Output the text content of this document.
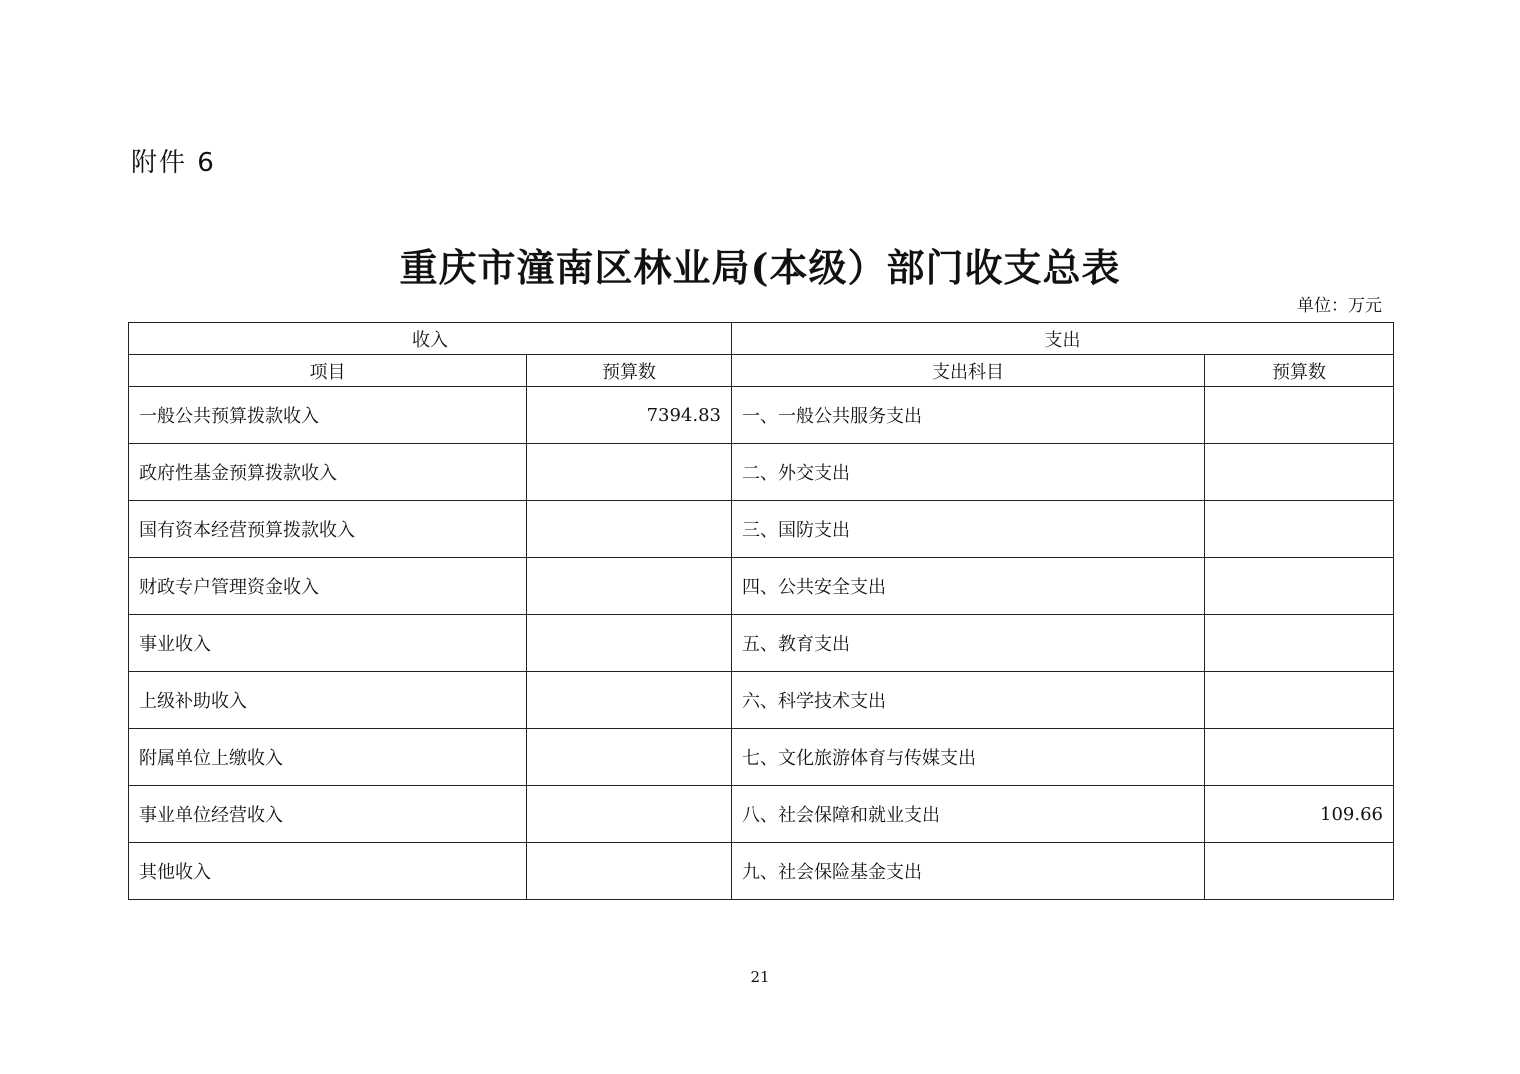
附件 6
重庆市潼南区林业局(本级）部门收支总表
单位：万元
收入		支出	
项目	预算数	支出科目	预算数
一般公共预算拨款收入	7394.83	一、一般公共服务支出	
政府性基金预算拨款收入		二、外交支出	
国有资本经营预算拨款收入		三、国防支出	
财政专户管理资金收入		四、公共安全支出	
事业收入		五、教育支出	
上级补助收入		六、科学技术支出	
附属单位上缴收入		七、文化旅游体育与传媒支出	
事业单位经营收入		八、社会保障和就业支出	109.66
其他收入		九、社会保险基金支出	
21
